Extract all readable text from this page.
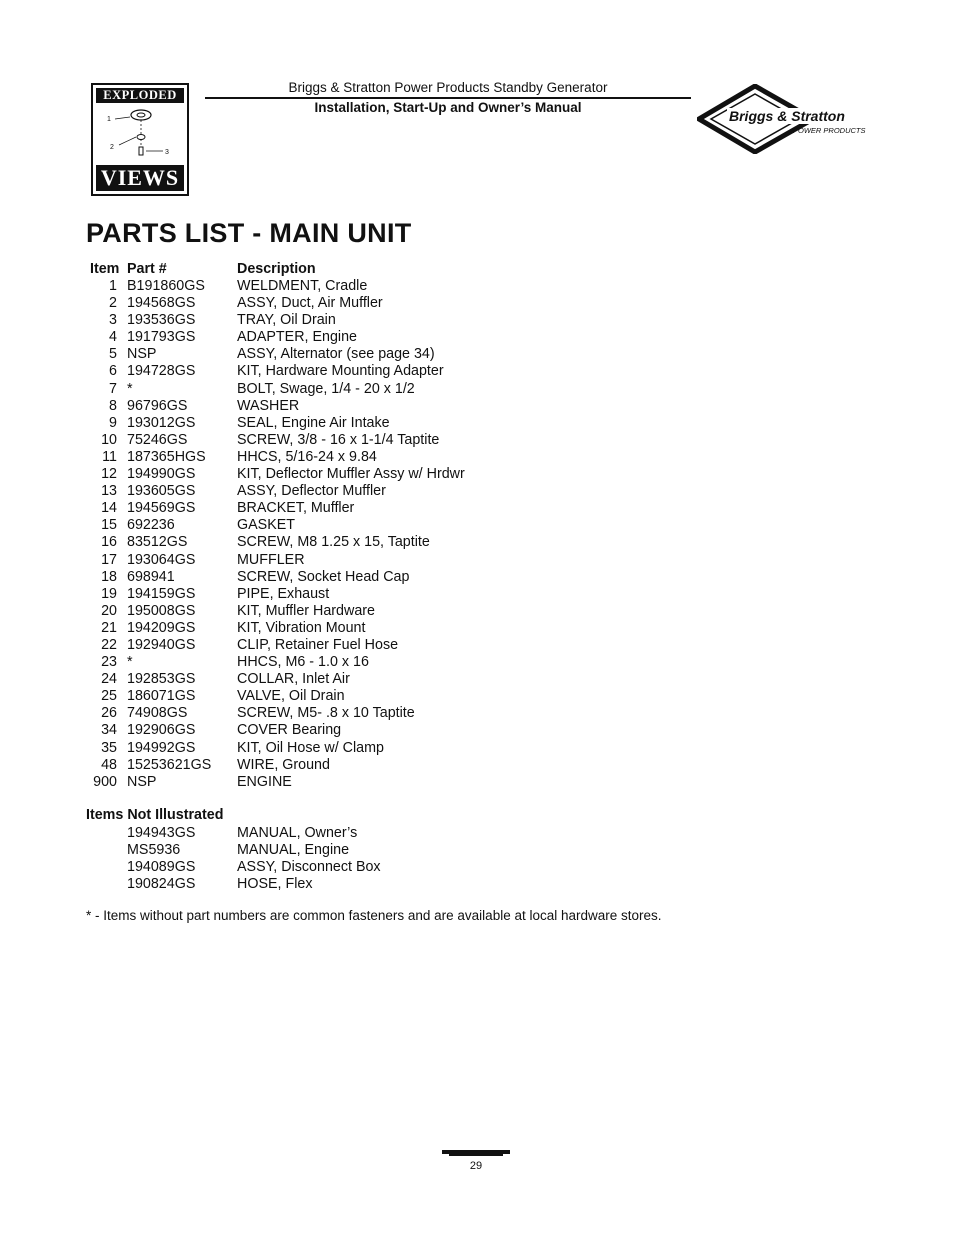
EXPLODED
1
2
3
VIEWS
Briggs & Stratton Power Products Standby Generator
Installation, Start-Up and Owner’s Manual
Briggs & Stratton
POWER PRODUCTS
PARTS LIST - MAIN UNIT
Item Part #	Description
1 B191860GS WELDMENT, Cradle
2 194568GS	ASSY, Duct, Air Muffler
3 193536GS	TRAY, Oil Drain
4 191793GS	ADAPTER, Engine
5 NSP	ASSY, Alternator (see page 34)
6 194728GS	KIT, Hardware Mounting Adapter
7 *	BOLT, Swage, 1/4 - 20 x 1/2
8 96796GS	WASHER
9 193012GS	SEAL, Engine Air Intake
10 75246GS	SCREW, 3/8 - 16 x 1-1/4 Taptite
11 187365HGS HHCS, 5/16-24 x 9.84
12 194990GS	KIT, Deflector Muffler Assy w/ Hrdwr
13 193605GS	ASSY, Deflector Muffler
14 194569GS	BRACKET, Muffler
15 692236	GASKET
16 83512GS	SCREW, M8 1.25 x 15, Taptite
17 193064GS	MUFFLER
18 698941	SCREW, Socket Head Cap
19 194159GS	PIPE, Exhaust
20 195008GS	KIT, Muffler Hardware
21 194209GS	KIT, Vibration Mount
22 192940GS	CLIP, Retainer Fuel Hose
23 *	HHCS, M6 - 1.0 x 16
24 192853GS	COLLAR, Inlet Air
25 186071GS	VALVE, Oil Drain
26 74908GS	SCREW, M5- .8 x 10 Taptite
34 192906GS	COVER Bearing
35 194992GS	KIT, Oil Hose w/ Clamp
48 15253621GS WIRE, Ground
900 NSP	ENGINE
Items Not Illustrated
194943GS	MANUAL, Owner’s
MS5936	MANUAL, Engine
194089GS	ASSY, Disconnect Box
190824GS	HOSE, Flex
* - Items without part numbers are common fasteners and are available at local hardware stores.
29
